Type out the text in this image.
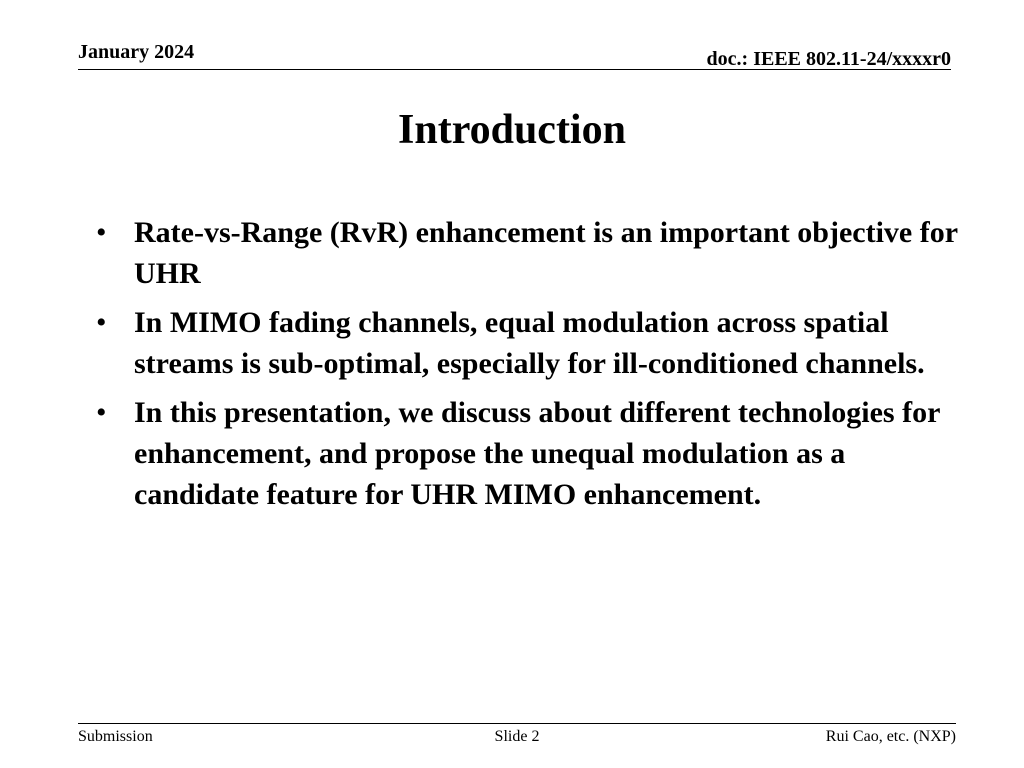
January 2024	doc.: IEEE 802.11-24/xxxxr0
Introduction
• Rate-vs-Range (RvR) enhancement is an important objective for UHR
• In MIMO fading channels, equal modulation across spatial streams is sub-optimal, especially for ill-conditioned channels.
• In this presentation, we discuss about different technologies for enhancement, and propose the unequal modulation as a candidate feature for UHR MIMO enhancement.
Submission	Slide 2	Rui Cao, etc. (NXP)
